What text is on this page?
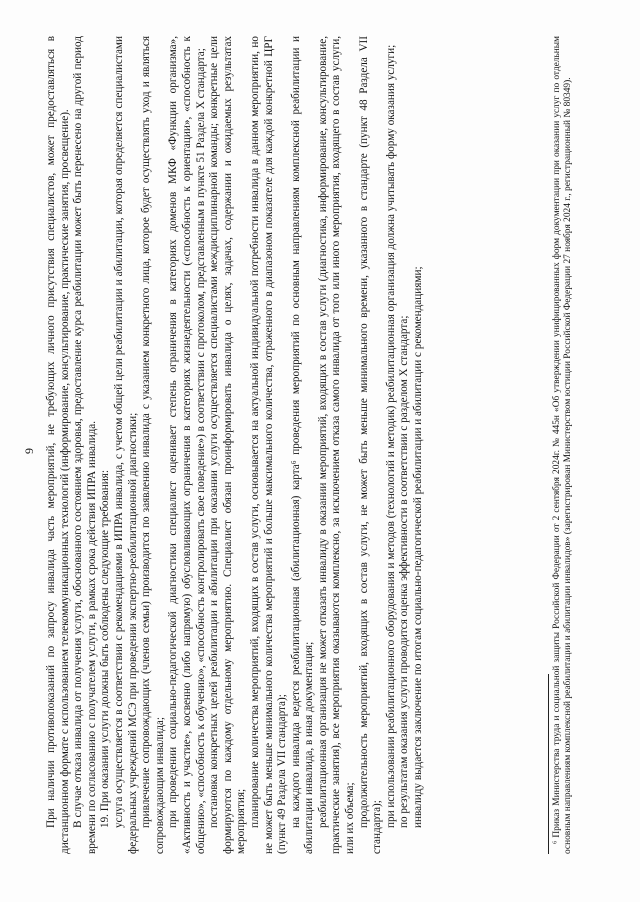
9 При наличии противопоказаний по запросу инвалида часть мероприятий, не требующих личного присутствия специалистов, может предоставляться в дистанционном формате с использованием телекоммуникационных технологий (информирование, консультирование, практические занятия, просвещение). В случае отказа инвалида от получения услуги, обоснованного состоянием здоровья, предоставление курса реабилитации может быть перенесено на другой период времени по согласованию с получателем услуги, в рамках срока действия ИПРА инвалида. 19. При оказании услуги должны быть соблюдены следующие требования: услуга осуществляется в соответствии с рекомендациями в ИПРА инвалида, с учетом общей цели реабилитации и абилитации, которая определяется специалистами федеральных учреждений МСЭ при проведении экспертно-реабилитационной диагностики; привлечение сопровождающих (членов семьи) производится по заявлению инвалида с указанием конкретного лица, которое будет осуществлять уход и являться сопровождающим инвалида; при проведении социально-педагогической диагностики специалист оценивает степень ограничения в категориях доменов МКФ «Функции организма», «Активность и участие», косвенно (либо напрямую) обусловливающих ограничения в категориях жизнедеятельности («способность к ориентации», «способность к общению», «способность к обучению», «способность контролировать свое поведение») в соответствии с протоколом, представленным в пункте 51 Раздела X стандарта; постановка конкретных целей реабилитации и абилитации при оказании услуги осуществляется специалистами междисциплинарной команды; конкретные цели формируются по каждому отдельному мероприятию. Специалист обязан проинформировать инвалида о целях, задачах, содержании и ожидаемых результатах мероприятия; планирование количества мероприятий, входящих в состав услуги, основывается на актуальной индивидуальной потребности инвалида в данном мероприятии, но не может быть меньше минимального количества мероприятий и больше максимального количества, отраженного в диапазоном показателе для каждой конкретной ЦРГ (пункт 49 Раздела VII стандарта); на каждого инвалида ведется реабилитационная (абилитационная) карта⁶ проведения мероприятий по основным направлениям комплексной реабилитации и абилитации инвалида, в иная документация; реабилитационная организация не может отказать инвалиду в оказании мероприятий, входящих в состав услуги (диагностика, информирование, консультирование, практические занятия), все мероприятия оказываются комплексно, за исключением отказа самого инвалида от того или иного мероприятия, входящего в состав услуги, или их объема; продолжительность мероприятий, входящих в состав услуги, не может быть меньше минимального времени, указанного в стандарте (пункт 48 Раздела VII стандарта); при использовании реабилитационного оборудования и методов (технологий и методик) реабилитационная организация должна учитывать форму оказания услуги; по результатам оказания услуги проводится оценка эффективности в соответствии с разделом X стандарта; инвалиду выдается заключение по итогам социально-педагогической реабилитации и абилитации с рекомендациями;	⁶ Приказ Министерства труда и социальной защиты Российской Федерации от 2 сентября 2024г. № 445н «Об утверждении унифицированных форм документации при оказании услуг по отдельным основным направлениям комплексной реабилитации и абилитации инвалидов» (зарегистрирован Министерством юстиции Российской Федерации 27 ноября 2024 г., регистрационный № 80349).
